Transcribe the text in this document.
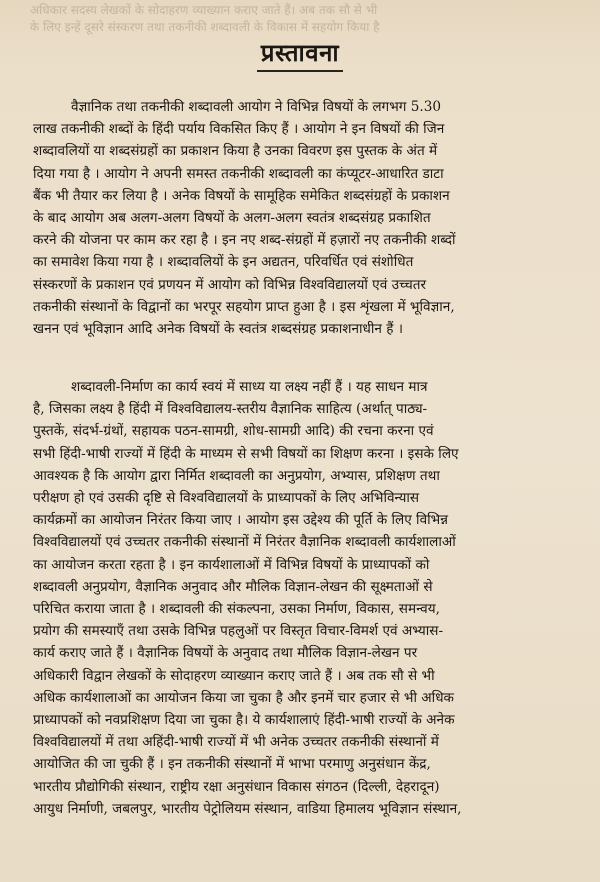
अधिकार सदस्य लेखकों के सोदाहरण व्याख्यान कराए जाते हैं। अब तक सौ से भी
के लिए इन्हें दूसरे संस्करण तथा तकनीकी शब्दावली के विकास में सहयोग किया है
प्रस्तावना
वैज्ञानिक तथा तकनीकी शब्दावली आयोग ने विभिन्न विषयों के लगभग 5.30
लाख तकनीकी शब्दों के हिंदी पर्याय विकसित किए हैं । आयोग ने इन विषयों की जिन
शब्दावलियों या शब्दसंग्रहों का प्रकाशन किया है उनका विवरण इस पुस्तक के अंत में
दिया गया है । आयोग ने अपनी समस्त तकनीकी शब्दावली का कंप्यूटर-आधारित डाटा
बैंक भी तैयार कर लिया है । अनेक विषयों के सामूहिक समेकित शब्दसंग्रहों के प्रकाशन
के बाद आयोग अब अलग-अलग विषयों के अलग-अलग स्वतंत्र शब्दसंग्रह प्रकाशित
करने की योजना पर काम कर रहा है । इन नए शब्द-संग्रहों में हज़ारों नए तकनीकी शब्दों
का समावेश किया गया है । शब्दावलियों के इन अद्यतन, परिवर्धित एवं संशोधित
संस्करणों के प्रकाशन एवं प्रणयन में आयोग को विभिन्न विश्वविद्यालयों एवं उच्चतर
तकनीकी संस्थानों के विद्वानों का भरपूर सहयोग प्राप्त हुआ है । इस शृंखला में भूविज्ञान,
खनन एवं भूविज्ञान आदि अनेक विषयों के स्वतंत्र शब्दसंग्रह प्रकाशनाधीन हैं ।
शब्दावली-निर्माण का कार्य स्वयं में साध्य या लक्ष्य नहीं हैं । यह साधन मात्र
है, जिसका लक्ष्य है हिंदी में विश्वविद्यालय-स्तरीय वैज्ञानिक साहित्य (अर्थात् पाठ्य-
पुस्तकें, संदर्भ-ग्रंथों, सहायक पठन-सामग्री, शोध-सामग्री आदि) की रचना करना एवं
सभी हिंदी-भाषी राज्यों में हिंदी के माध्यम से सभी विषयों का शिक्षण करना । इसके लिए
आवश्यक है कि आयोग द्वारा निर्मित शब्दावली का अनुप्रयोग, अभ्यास, प्रशिक्षण तथा
परीक्षण हो एवं उसकी दृष्टि से विश्वविद्यालयों के प्राध्यापकों के लिए अभिविन्यास
कार्यक्रमों का आयोजन निरंतर किया जाए । आयोग इस उद्देश्य की पूर्ति के लिए विभिन्न
विश्वविद्यालयों एवं उच्चतर तकनीकी संस्थानों में निरंतर वैज्ञानिक शब्दावली कार्यशालाओं
का आयोजन करता रहता है । इन कार्यशालाओं में विभिन्न विषयों के प्राध्यापकों को
शब्दावली अनुप्रयोग, वैज्ञानिक अनुवाद और मौलिक विज्ञान-लेखन की सूक्ष्मताओं से
परिचित कराया जाता है । शब्दावली की संकल्पना, उसका निर्माण, विकास, समन्वय,
प्रयोग की समस्याएँ तथा उसके विभिन्न पहलुओं पर विस्तृत विचार-विमर्श एवं अभ्यास-
कार्य कराए जाते हैं । वैज्ञानिक विषयों के अनुवाद तथा मौलिक विज्ञान-लेखन पर
अधिकारी विद्वान लेखकों के सोदाहरण व्याख्यान कराए जाते हैं । अब तक सौ से भी
अधिक कार्यशालाओं का आयोजन किया जा चुका है और इनमें चार हजार से भी अधिक
प्राध्यापकों को नवप्रशिक्षण दिया जा चुका है। ये कार्यशालाएं हिंदी-भाषी राज्यों के अनेक
विश्वविद्यालयों में तथा अहिंदी-भाषी राज्यों में भी अनेक उच्चतर तकनीकी संस्थानों में
आयोजित की जा चुकी हैं । इन तकनीकी संस्थानों में भाभा परमाणु अनुसंधान केंद्र,
भारतीय प्रौद्योगिकी संस्थान, राष्ट्रीय रक्षा अनुसंधान विकास संगठन (दिल्ली, देहरादून)
आयुध निर्माणी, जबलपुर, भारतीय पेट्रोलियम संस्थान, वाडिया हिमालय भूविज्ञान संस्थान,
